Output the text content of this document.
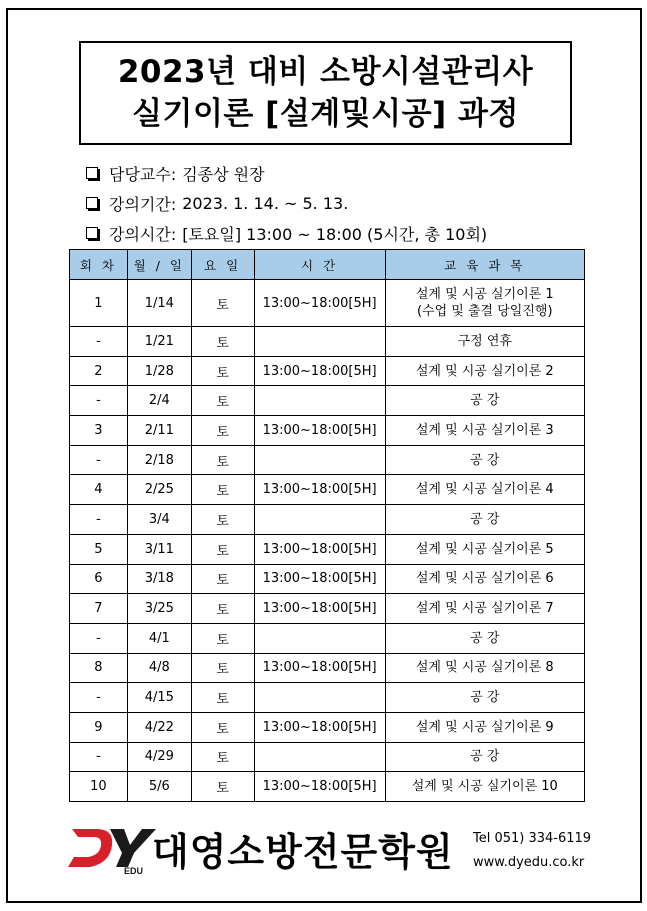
2023년 대비 소방시설관리사
실기이론 [설계및시공] 과정
담당교수: 김종상 원장
강의기간: 2023. 1. 14. ~ 5. 13.
강의시간: [토요일] 13:00 ~ 18:00 (5시간, 총 10회)
회 차	월 / 일	요 일	시 간	교 육 과 목
1	1/14	토	13:00~18:00[5H]	설계 및 시공 실기이론 1
(수업 및 출결 당일진행)

-	1/21	토		구정 연휴

2	1/28	토	13:00~18:00[5H]	설계 및 시공 실기이론 2

-	2/4	토		공 강

3	2/11	토	13:00~18:00[5H]	설계 및 시공 실기이론 3

-	2/18	토		공 강

4	2/25	토	13:00~18:00[5H]	설계 및 시공 실기이론 4

-	3/4	토		공 강

5	3/11	토	13:00~18:00[5H]	설계 및 시공 실기이론 5

6	3/18	토	13:00~18:00[5H]	설계 및 시공 실기이론 6

7	3/25	토	13:00~18:00[5H]	설계 및 시공 실기이론 7

-	4/1	토		공 강

8	4/8	토	13:00~18:00[5H]	설계 및 시공 실기이론 8

-	4/15	토		공 강

9	4/22	토	13:00~18:00[5H]	설계 및 시공 실기이론 9

-	4/29	토		공 강

10	5/6	토	13:00~18:00[5H]	설계 및 시공 실기이론 10
EDU 대영소방전문학원 Tel 051) 334-6119
www.dyedu.co.kr
